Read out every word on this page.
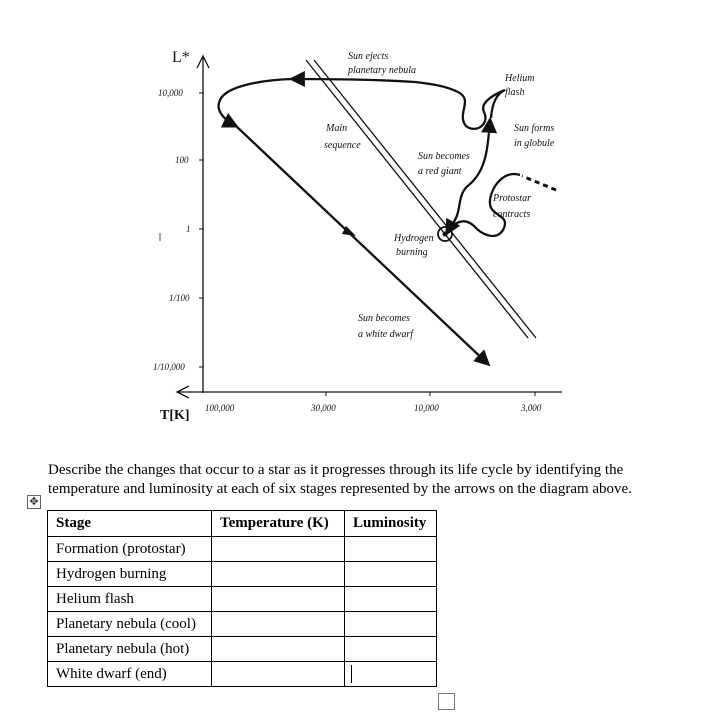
L*
T[K]
10,000
100
1
1/100
1/10,000
100,000	30,000	10,000	3,000
Sun ejects
planetary nebula
Helium
flash
Main
sequence
Sun becomes
a red giant
Sun forms
in globule
Protostar
contracts
Hydrogen
burning
Sun becomes
a white dwarf
Describe the changes that occur to a star as it progresses through its life cycle by identifying the temperature and luminosity at each of six stages represented by the arrows on the diagram above.
✥
Stage	Temperature (K)	Luminosity
Formation (protostar)		
Hydrogen burning		
Helium flash		
Planetary nebula (cool)		
Planetary nebula (hot)		
White dwarf (end)		
